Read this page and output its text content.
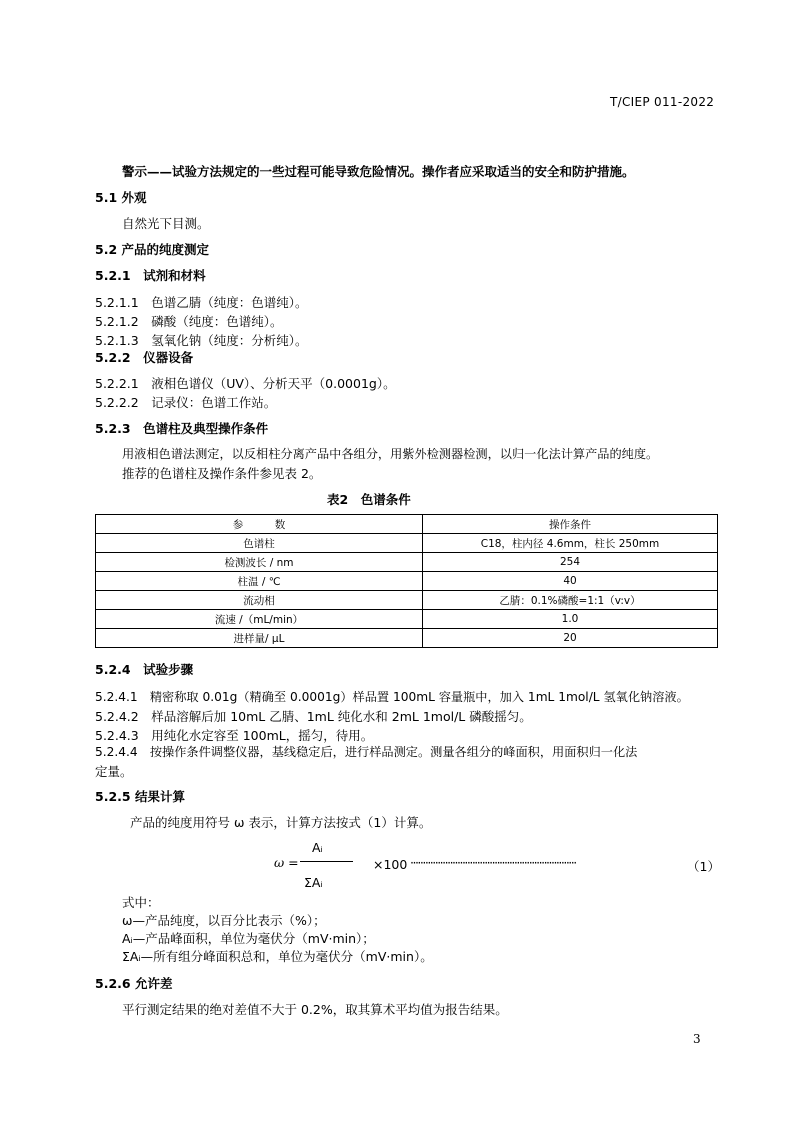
T/CIEP 011-2022
警示——试验方法规定的一些过程可能导致危险情况。操作者应采取适当的安全和防护措施。
5.1 外观
自然光下目测。
5.2 产品的纯度测定
5.2.1　试剂和材料
5.2.1.1　色谱乙腈（纯度：色谱纯）。
5.2.1.2　磷酸（纯度：色谱纯）。
5.2.1.3　氢氧化钠（纯度：分析纯）。
5.2.2　仪器设备
5.2.2.1　液相色谱仪（UV）、分析天平（0.0001g）。
5.2.2.2　记录仪：色谱工作站。
5.2.3　色谱柱及典型操作条件
用液相色谱法测定，以反相柱分离产品中各组分，用紫外检测器检测，以归一化法计算产品的纯度。
推荐的色谱柱及操作条件参见表 2。
表2　色谱条件
参　　　数	操作条件
色谱柱	C18，柱内径 4.6mm，柱长 250mm
检测波长 / nm	254
柱温 / ℃	40
流动相	乙腈：0.1%磷酸=1:1（v:v）
流速 /（mL/min）	1.0
进样量/ μL	20
5.2.4　试验步骤
5.2.4.1　精密称取 0.01g（精确至 0.0001g）样品置 100mL 容量瓶中，加入 1mL 1mol/L 氢氧化钠溶液。
5.2.4.2　样品溶解后加 10mL 乙腈、1mL 纯化水和 2mL 1mol/L 磷酸摇匀。
5.2.4.3　用纯化水定容至 100mL，摇匀，待用。
5.2.4.4　按操作条件调整仪器，基线稳定后，进行样品测定。测量各组分的峰面积，用面积归一化法
定量。
5.2.5 结果计算
产品的纯度用符号 ω 表示，计算方法按式（1）计算。
ω =
Aᵢ
ΣAᵢ
×100 ···································································	（1）
式中：
ω—产品纯度，以百分比表示（%）；
Aᵢ—产品峰面积，单位为毫伏分（mV·min）；
ΣAᵢ—所有组分峰面积总和，单位为毫伏分（mV·min）。
5.2.6 允许差
平行测定结果的绝对差值不大于 0.2%，取其算术平均值为报告结果。
3
